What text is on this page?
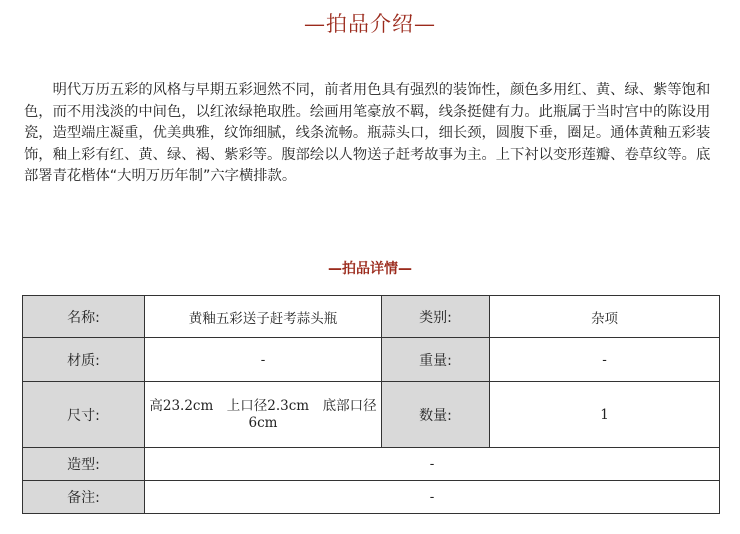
—拍品介绍—

明代万历五彩的风格与早期五彩迥然不同，前者用色具有强烈的装饰性，颜色多用红、黄、绿、紫等饱和色，而不用浅淡的中间色，以红浓绿艳取胜。绘画用笔豪放不羁，线条挺健有力。此瓶属于当时宫中的陈设用瓷，造型端庄凝重，优美典雅，纹饰细腻，线条流畅。瓶蒜头口，细长颈，圆腹下垂，圈足。通体黄釉五彩装饰，釉上彩有红、黄、绿、褐、紫彩等。腹部绘以人物送子赶考故事为主。上下衬以变形莲瓣、卷草纹等。底部署青花楷体“大明万历年制”六字横排款。

—拍品详情—
名称:	黄釉五彩送子赶考蒜头瓶	类别:	杂项
材质:	-	重量:	-
尺寸:	高23.2cm　上口径2.3cm　底部口径6cm	数量:	1
造型:	-		
备注:	-		
